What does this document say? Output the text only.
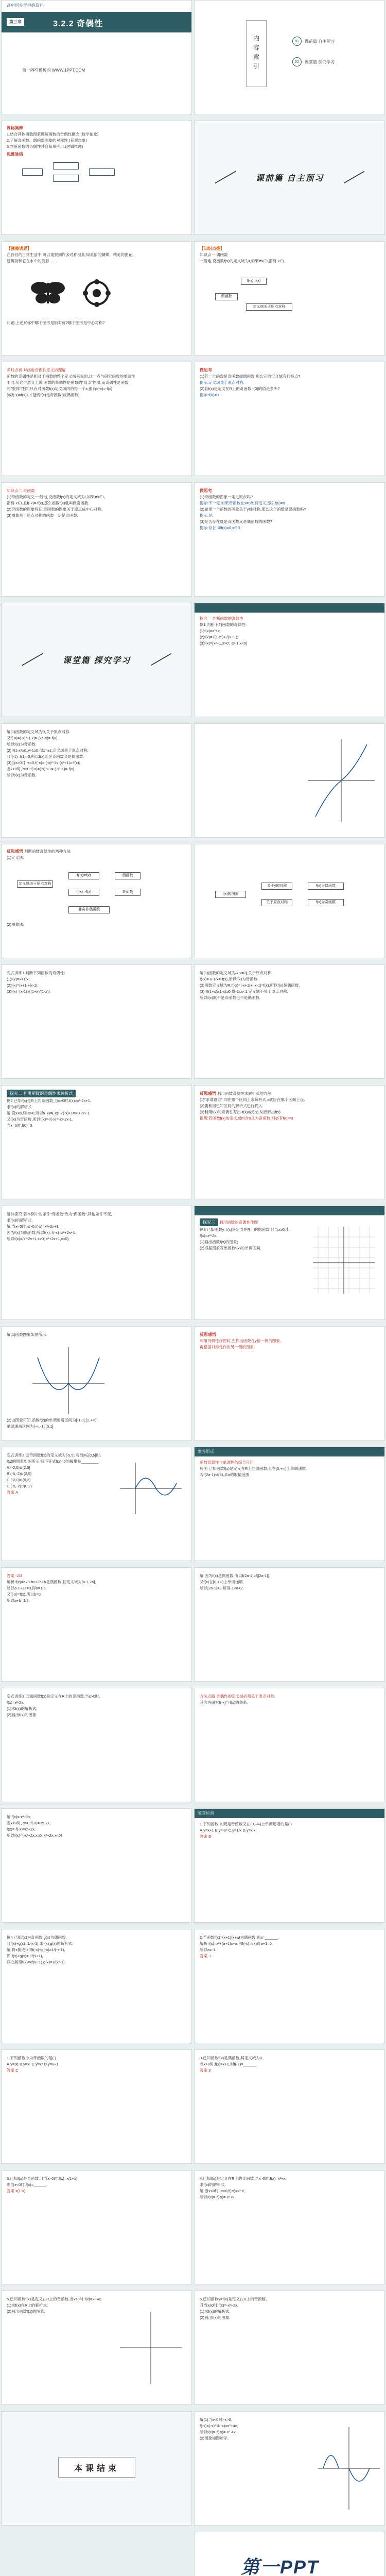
高中同步学导练资料
第三章	3.2.2 奇偶性
第一PPT模板网 WWW.1PPT.COM

课标阐释

1.结合具体函数图象理解函数的奇偶性概念.(数学抽象)

2.了解奇函数、偶函数图象的对称性.(直观想象)

3.判断函数的奇偶性并会简单应用.(逻辑推理)

思维脉络

【激趣诱思】

在我们的日常生活中,可以观察到许多对称现象,如美丽的蝴蝶、精美的窗花、

建筑物和它在水中的倒影……

问题:上述对称中哪个图形是轴对称?哪个图形是中心对称?

名师点析 对函数奇偶性定义的理解

函数的奇偶性是相对于函数的整个定义域来说的,这一点与研究函数的单调性

不同,从这个意义上说,函数的单调性是函数的"局部"性质,而奇偶性是函数

的"整体"性质,只有对函数f(x)定义域内的每一个x,都有f(-x)=-f(x)

(或f(-x)=f(x)),才能说f(x)是奇函数(或偶函数).

知识点二 奇函数

(1)奇函数的定义:一般地,设函数f(x)的定义域为I,如果∀x∈I,

都有-x∈I,且f(-x)=-f(x),那么函数f(x)就叫做奇函数.

(2)奇函数的图象特征:奇函数的图象关于原点成中心对称.

(3)图象关于原点对称的函数一定是奇函数.

课堂篇 探究学习

解(1)函数的定义域为R,关于原点对称.

又f(-x)=(-x)³+(-x)=-(x³+x)=-f(x),

所以f(x)为奇函数.

(2)由1-x²≥0,x²-1≥0,得x=±1,定义域关于原点对称,

且f(-1)=f(1)=0,所以f(x)既是奇函数又是偶函数.

(3)当x>0时,-x<0,f(-x)=-(-x)²-1=-(x²+1)=-f(x);

当x<0时,-x>0,f(-x)=(-x)²+1=-(-x²-1)=-f(x).

所以f(x)为奇函数.

反思感悟 判断函数奇偶性的两种方法

(1)定义法:

定义域关于原点对称
f(-x)=f(x)
f(-x)=-f(x)
偶函数
奇函数
非奇非偶函数

(2)图象法:

变式训练1 判断下列函数的奇偶性:

(1)f(x)=x+1/x;

(2)f(x)=|x+1|+|x-1|;

(3)f(x)=(x-1)√((1+x)/(1-x)).

探究二 利用函数的奇偶性求解析式

例2 已知f(x)是R上的奇函数,当x>0时,f(x)=x²-2x+1,

求f(x)的解析式.

解 设x<0,则-x>0,所以f(-x)=(-x)²-2(-x)+1=x²+2x+1.

又f(x)为奇函数,所以f(x)=-f(-x)=-x²-2x-1.

当x=0时,f(0)=0.

延伸探究 若本例中的条件"奇函数"改为"偶函数",其他条件不变,

求f(x)的解析式.

解 当x<0时,-x>0,f(-x)=x²+2x+1,

因为f(x)为偶函数,所以f(x)=f(-x)=x²+2x+1.

所以f(x)={x²-2x+1,x≥0; x²+2x+1,x<0}

解(1)函数图象如图所示.

(2)由图象可知,函数f(x)的单调递增区间为[-1,0],[1,+∞);

单调递减区间为(-∞,-1],[0,1].

变式训练2 设奇函数f(x)的定义域为[-5,5],若当x∈[0,5]时,

f(x)的图象如图所示,则不等式f(x)<0的解集是________.

A.(-2,0)∪(2,5]

B.(-5,-2)∪(2,5]

C.(-2,0)∪(0,2)

D.(-5,-2)∪(0,2)

答案 A

答案 -2/3

解析 f(x)=ax²+bx+3a+b是偶函数,且定义域为[a-1,2a],

所以a-1+2a=0,得a=1/3.

又f(-x)=f(x),所以b=0.

所以a+b=1/3.

变式训练3 已知函数f(x)是定义在R上的奇函数,当x>0时,

f(x)=x²-2x.

(1)求f(x)的解析式;

(2)画出f(x)的图象.

解 f(x)=-x²+2x,

当x<0时,-x>0,f(-x)=-x²-2x,

f(x)=-f(-x)=x²+2x.

所以f(x)={-x²+2x,x≥0; x²+2x,x<0}

例4 已知f(x)为奇函数,g(x)为偶函数,

且f(x)+g(x)=1/(x-1),求f(x),g(x)的解析式.

解 将x换成-x得f(-x)+g(-x)=1/(-x-1),

即-f(x)+g(x)=-1/(x+1),

联立解得f(x)=x/(x²-1),g(x)=1/(x²-1).

1.下列函数中为奇函数的是( )

A.y=|x| B.y=x² C.y=x³ D.y=x+1

答案 C

3.已知f(x)是奇函数,且当x>0时,f(x)=x(1+x),

则当x<0时,f(x)=______.

答案 x(1-x)

5.已知函数f(x)是定义在R上的奇函数,当x≥0时,f(x)=x²-4x.

(1)求f(x)在R上的解析式;

(2)画出函数f(x)的图象.

本课结束
内容索引	01	课前篇 自主预习
02	课堂篇 探究学习
课前篇 自主预习

【知识点拨】

知识点一 偶函数

一般地,设函数f(x)的定义域为I,如果∀x∈I,都有-x∈I,

f(-x)=f(x)
偶函数
定义域关于原点对称

微思考

(1)若一个函数是奇函数或偶函数,那么它的定义域有何特点?

提示:定义域关于原点对称.

(2)若f(x)是定义在R上的奇函数,f(0)的值是多少?

提示:f(0)=0.

微思考

(1)奇函数的图象一定过原点吗?

提示:不一定.如果奇函数在x=0处有定义,那么f(0)=0.

(2)如果一个函数的图象关于y轴对称,那么这个函数是偶函数吗?

提示:是.

(3)是否存在既是奇函数又是偶函数的函数?

提示:存在,如f(x)=0,x∈R.

探究一 判断函数的奇偶性

例1 判断下列函数的奇偶性:

(1)f(x)=x³+x;

(2)f(x)=√(1-x²)+√(x²-1);

(3)f(x)={x²+1,x>0; -x²-1,x<0}

f(x)的图象
关于y轴对称
关于原点对称
f(x)为偶函数
f(x)为奇函数

解(1)函数的定义域为{x|x≠0},关于原点对称.

f(-x)=-x-1/x=-f(x),所以f(x)为奇函数.

(2)函数定义域为R,f(-x)=|-x+1|+|-x-1|=f(x),所以f(x)是偶函数.

(3)由(1+x)/(1-x)≥0,得-1≤x<1,定义域不关于原点对称,

所以f(x)既不是奇函数也不是偶函数.

反思感悟 利用函数奇偶性求解析式的方法

(1)"求谁设谁",即在哪个区间上求解析式,x就应在哪个区间上设.

(2)要利用已知区间的解析式进行代入.

(3)利用f(x)的奇偶性写出-f(x)或f(-x),从而解出f(x).

提醒:若函数f(x)的定义域内含0且为奇函数,则必有f(0)=0.

探究三 利用函数的奇偶性作图

例3 已知函数y=f(x)是定义在R上的偶函数,且当x≥0时,

f(x)=x²-2x.

(1)画出函数f(x)的图象;

(2)根据图象写出函数f(x)的单调区间.

反思感悟

利用奇偶性作图时,先作出函数在y轴一侧的图象,

再根据对称性作出另一侧的图象.

素养形成

函数奇偶性与单调性的综合应用

典例 已知函数f(x)是定义在R上的偶函数,且在[0,+∞)上单调递增,

若f(2a-1)<f(3),求a的取值范围.

解 因为f(x)是偶函数,所以f(2a-1)=f(|2a-1|),

又f(x)在[0,+∞)上单调递增,

所以|2a-1|<3,解得-1<a<2.

方法点睛 奇偶性的定义域必须关于原点对称,

其次再研究f(-x)与f(x)的关系.

随堂检测

1.下列函数中,既是奇函数又在(0,+∞)上单调递增的是( )

A.y=x+1 B.y=-x³ C.y=1/x D.y=x|x|

答案 D

2.若函数f(x)=(x+1)(x+a)为偶函数,则a=______.

解析 f(x)=x²+(a+1)x+a,由f(-x)=f(x)得a+1=0,

所以a=-1.

答案 -1

3.已知函数f(x)是偶函数,其定义域为R,

当x>0时,f(x)=x+1,则f(-2)=______.

答案 3

4.已知f(x)是定义在R上的奇函数,当x>0时,f(x)=x²+x,

求f(x)的解析式.

解 当x<0时,-x>0,f(-x)=x²-x,

所以f(x)=-f(-x)=-x²+x.

5.已知函数y=f(x)是定义在R上的奇函数,

且当x≥0时,f(x)=-x²+2x.

(1)求f(x)的解析式;

(2)画出f(x)的图象.

解(1)当x<0时,-x>0,

f(-x)=(-x)²-4(-x)=x²+4x,

所以f(x)=-f(-x)=-x²-4x.

(2)图象如图所示.

第一PPT
